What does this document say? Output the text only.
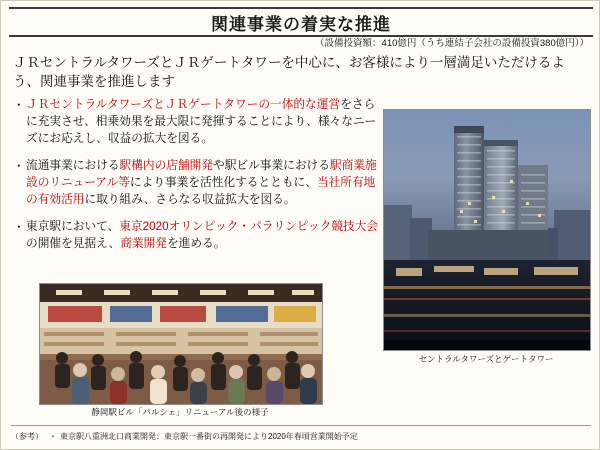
関連事業の着実な推進
（設備投資額：410億円（うち連結子会社の設備投資380億円））
ＪＲセントラルタワーズとＪＲゲートタワーを中心に、お客様により一層満足いただけるよう、関連事業を推進します
・ ＪＲセントラルタワーズとＪＲゲートタワーの一体的な運営をさらに充実させ、相乗効果を最大限に発揮することにより、様々なニーズにお応えし、収益の拡大を図る。
・ 流通事業における駅構内の店舗開発や駅ビル事業における駅商業施設のリニューアル等により事業を活性化するとともに、当社所有地の有効活用に取り組み、さらなる収益拡大を図る。
・ 東京駅において、東京2020オリンピック・パラリンピック競技大会の開催を見据え、商業開発を進める。
セントラルタワーズとゲートタワー
静岡駅ビル「パルシェ」リニューアル後の様子
（参考） ・ 東京駅八重洲北口商業開発：東京駅一番街の再開発により2020年春頃営業開始予定
